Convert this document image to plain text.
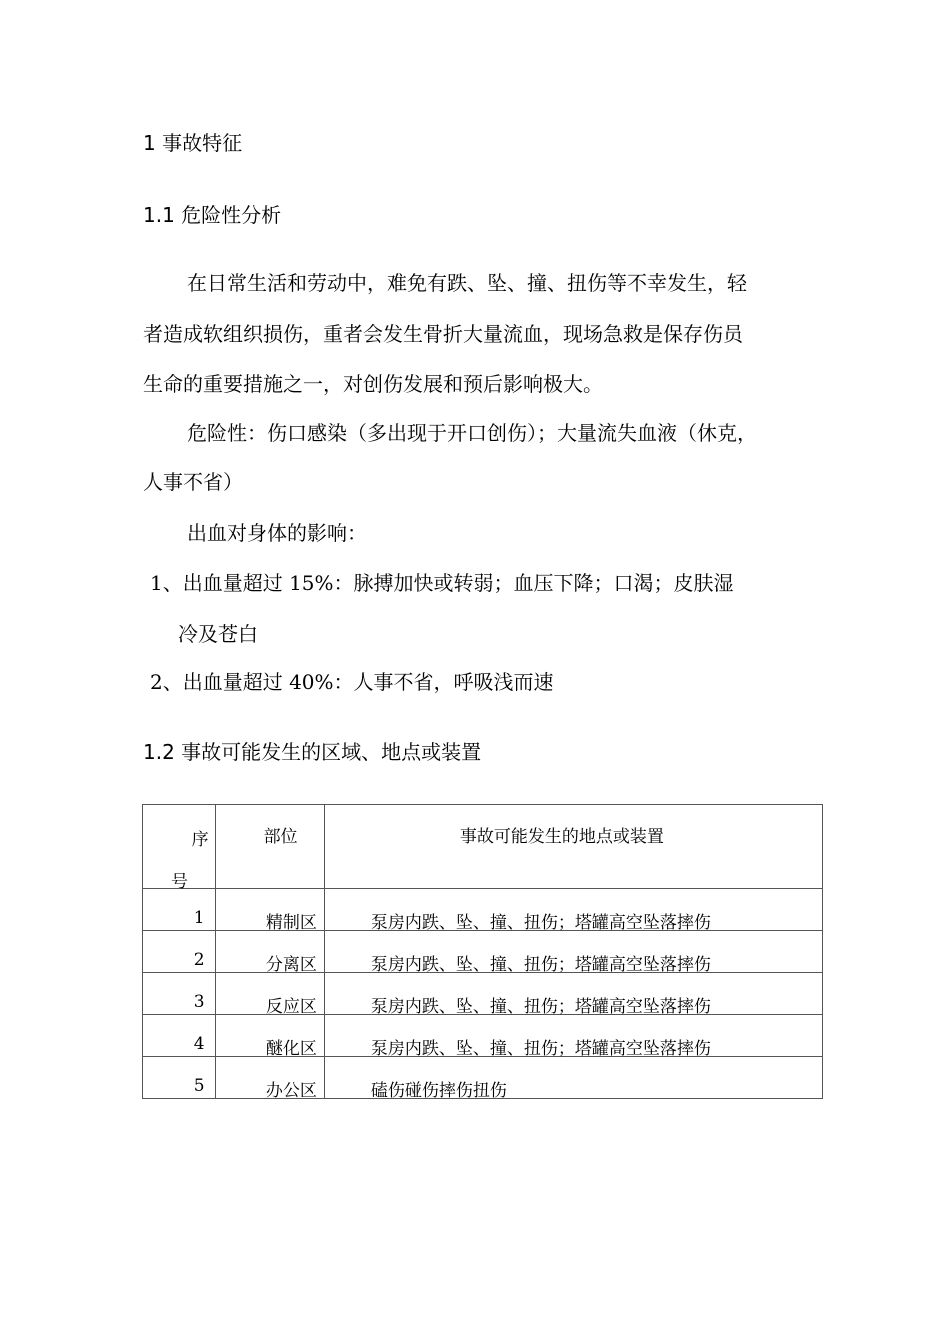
1 事故特征
1.1 危险性分析
在日常生活和劳动中，难免有跌、坠、撞、扭伤等不幸发生，轻
者造成软组织损伤，重者会发生骨折大量流血，现场急救是保存伤员
生命的重要措施之一，对创伤发展和预后影响极大。
危险性：伤口感染（多出现于开口创伤）；大量流失血液（休克，
人事不省）
出血对身体的影响：
1、出血量超过 15%：脉搏加快或转弱；血压下降；口渴；皮肤湿
冷及苍白
2、出血量超过 40%：人事不省，呼吸浅而速
1.2 事故可能发生的区域、地点或装置
序
号	部位	事故可能发生的地点或装置

1	精制区	泵房内跌、坠、撞、扭伤；塔罐高空坠落摔伤

2	分离区	泵房内跌、坠、撞、扭伤；塔罐高空坠落摔伤

3	反应区	泵房内跌、坠、撞、扭伤；塔罐高空坠落摔伤

4	醚化区	泵房内跌、坠、撞、扭伤；塔罐高空坠落摔伤

5	办公区	磕伤碰伤摔伤扭伤
